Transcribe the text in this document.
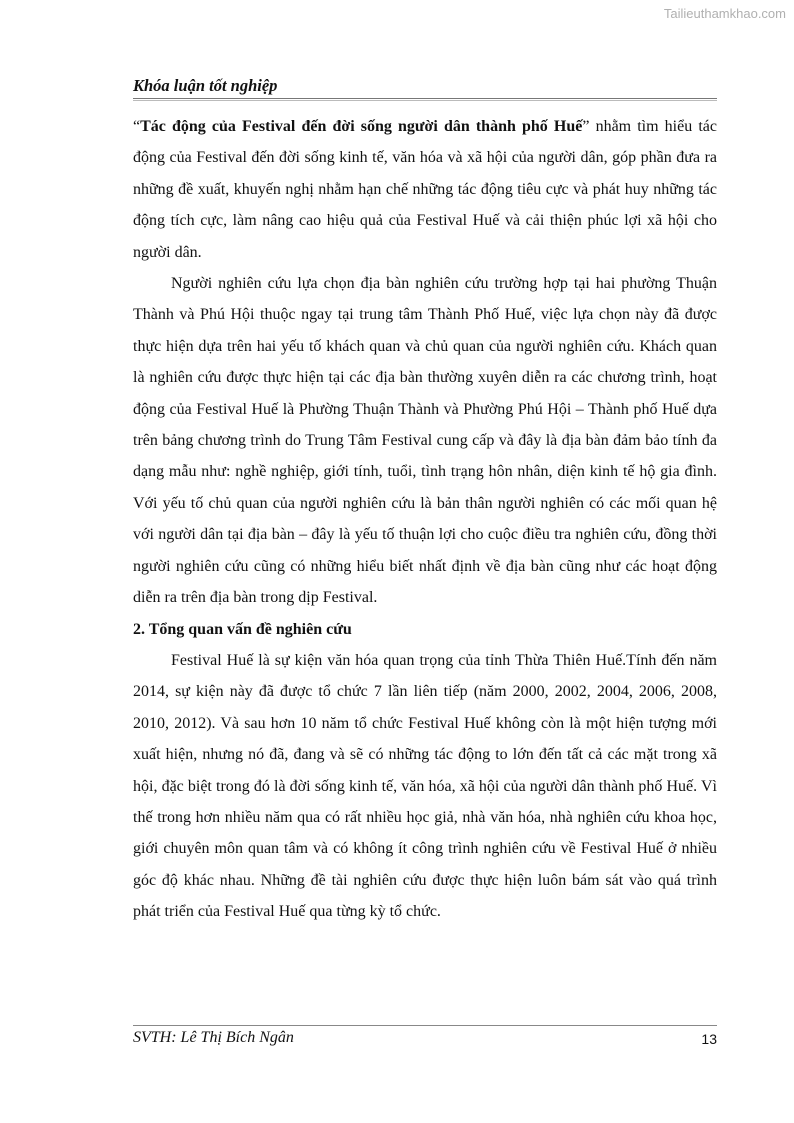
Tailieuthamkhao.com
Khóa luận tốt nghiệp

“Tác động của Festival đến đời sống người dân thành phố Huế” nhằm tìm hiểu tác động của Festival đến đời sống kinh tế, văn hóa và xã hội của người dân, góp phần đưa ra những đề xuất, khuyến nghị nhằm hạn chế những tác động tiêu cực và phát huy những tác động tích cực, làm nâng cao hiệu quả của Festival Huế và cải thiện phúc lợi xã hội cho người dân.

Người nghiên cứu lựa chọn địa bàn nghiên cứu trường hợp tại hai phường Thuận Thành và Phú Hội thuộc ngay tại trung tâm Thành Phố Huế, việc lựa chọn này đã được thực hiện dựa trên hai yếu tố khách quan và chủ quan của người nghiên cứu. Khách quan là nghiên cứu được thực hiện tại các địa bàn thường xuyên diễn ra các chương trình, hoạt động của Festival Huế là Phường Thuận Thành và Phường Phú Hội – Thành phố Huế dựa trên bảng chương trình do Trung Tâm Festival cung cấp và đây là địa bàn đảm bảo tính đa dạng mẫu như: nghề nghiệp, giới tính, tuổi, tình trạng hôn nhân, diện kinh tế hộ gia đình. Với yếu tố chủ quan của người nghiên cứu là bản thân người nghiên có các mối quan hệ với người dân tại địa bàn – đây là yếu tố thuận lợi cho cuộc điều tra nghiên cứu, đồng thời người nghiên cứu cũng có những hiểu biết nhất định về địa bàn cũng như các hoạt động diễn ra trên địa bàn trong dịp Festival.

2. Tổng quan vấn đề nghiên cứu

Festival Huế là sự kiện văn hóa quan trọng của tỉnh Thừa Thiên Huế.Tính đến năm 2014, sự kiện này đã được tổ chức 7 lần liên tiếp (năm 2000, 2002, 2004, 2006, 2008, 2010, 2012). Và sau hơn 10 năm tổ chức Festival Huế không còn là một hiện tượng mới xuất hiện, nhưng nó đã, đang và sẽ có những tác động to lớn đến tất cả các mặt trong xã hội, đặc biệt trong đó là đời sống kinh tế, văn hóa, xã hội của người dân thành phố Huế. Vì thế trong hơn nhiều năm qua có rất nhiều học giả, nhà văn hóa, nhà nghiên cứu khoa học, giới chuyên môn quan tâm và có không ít công trình nghiên cứu về Festival Huế ở nhiều góc độ khác nhau. Những đề tài nghiên cứu được thực hiện luôn bám sát vào quá trình phát triển của Festival Huế qua từng kỳ tổ chức.

SVTH: Lê Thị Bích Ngân	13
